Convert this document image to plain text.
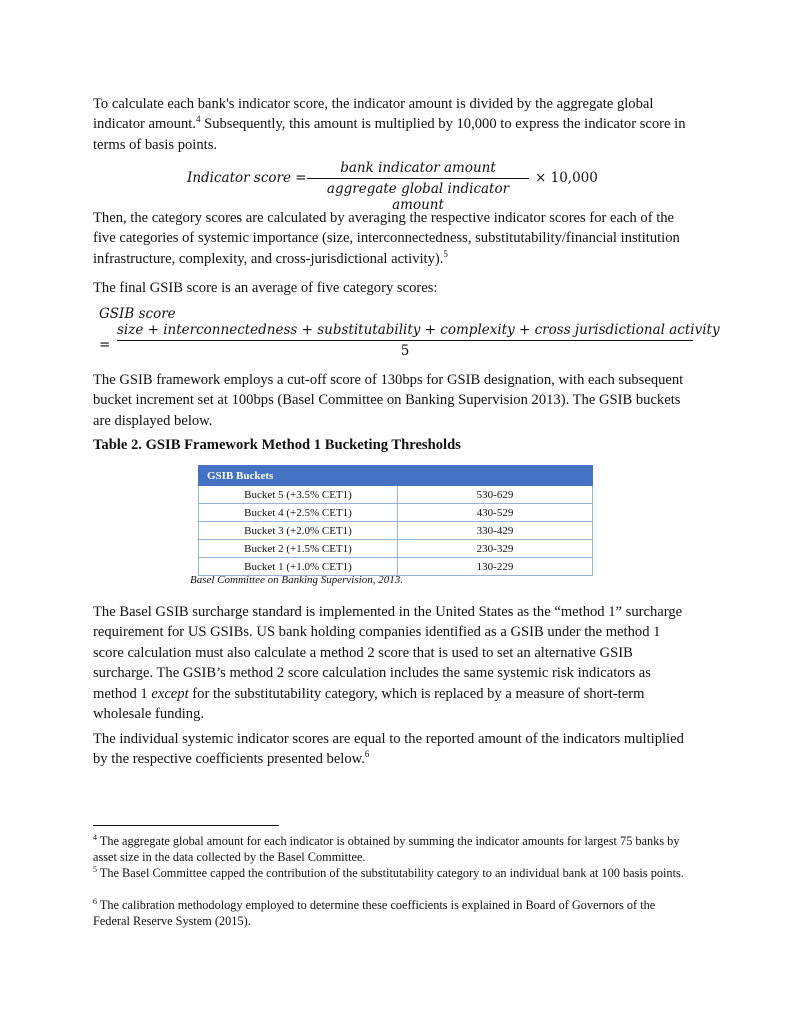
To calculate each bank's indicator score, the indicator amount is divided by the aggregate global indicator amount.$^4$ Subsequently, this amount is multiplied by 10,000 to express the indicator score in terms of basis points.

Indicator score =
bank indicator amount
aggregate global indicator amount
× 10,000

Then, the category scores are calculated by averaging the respective indicator scores for each of the five categories of systemic importance (size, interconnectedness, substitutability/financial institution infrastructure, complexity, and cross-jurisdictional activity).$^5$

The final GSIB score is an average of five category scores:

GSIB score
=
size + interconnectedness + substitutability + complexity + cross jurisdictional activity
5

The GSIB framework employs a cut-off score of 130bps for GSIB designation, with each subsequent bucket increment set at 100bps (Basel Committee on Banking Supervision 2013). The GSIB buckets are displayed below.

Table 2. GSIB Framework Method 1 Bucketing Thresholds
GSIB Buckets	
Bucket 5 (+3.5% CET1)	530-629
Bucket 4 (+2.5% CET1)	430-529
Bucket 3 (+2.0% CET1)	330-429
Bucket 2 (+1.5% CET1)	230-329
Bucket 1 (+1.0% CET1)	130-229
Basel Committee on Banking Supervision, 2013.

The Basel GSIB surcharge standard is implemented in the United States as the “method 1” surcharge requirement for US GSIBs. US bank holding companies identified as a GSIB under the method 1 score calculation must also calculate a method 2 score that is used to set an alternative GSIB surcharge. The GSIB’s method 2 score calculation includes the same systemic risk indicators as method 1 except for the substitutability category, which is replaced by a measure of short-term wholesale funding.

The individual systemic indicator scores are equal to the reported amount of the indicators multiplied by the respective coefficients presented below.$^6$

$^4$ The aggregate global amount for each indicator is obtained by summing the indicator amounts for largest 75 banks by asset size in the data collected by the Basel Committee.

$^5$ The Basel Committee capped the contribution of the substitutability category to an individual bank at 100 basis points.

$^6$ The calibration methodology employed to determine these coefficients is explained in Board of Governors of the Federal Reserve System (2015).
